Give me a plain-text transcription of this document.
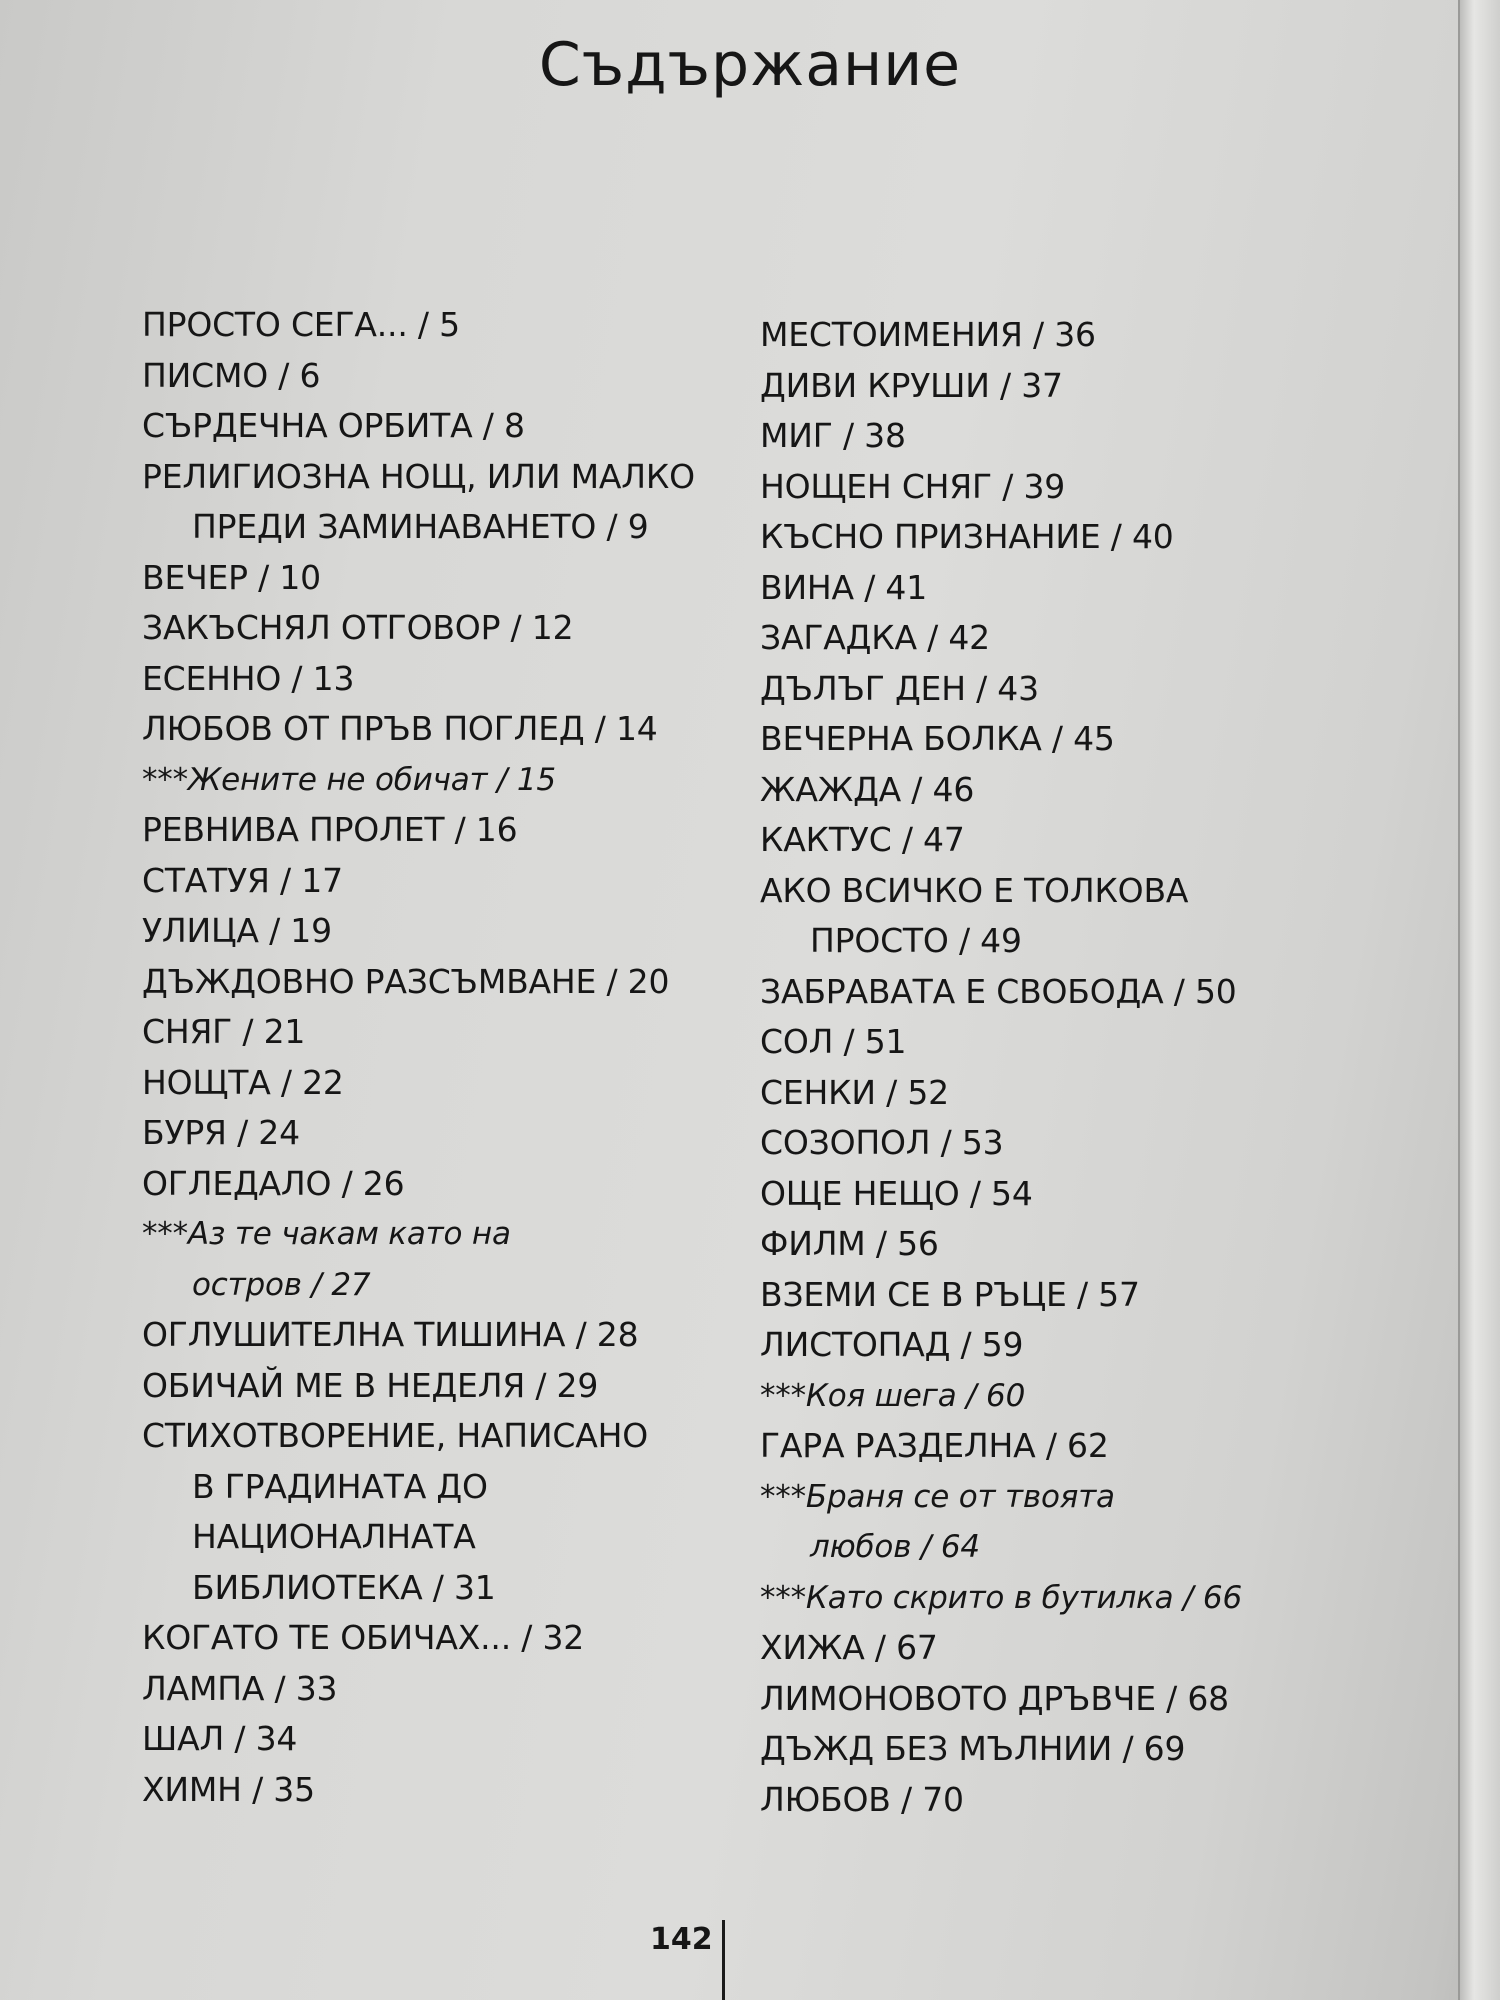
Съдържание
ПРОСТО СЕГА... / 5
ПИСМО / 6
СЪРДЕЧНА ОРБИТА / 8
РЕЛИГИОЗНА НОЩ, ИЛИ МАЛКО
ПРЕДИ ЗАМИНАВАНЕТО / 9
ВЕЧЕР / 10
ЗАКЪСНЯЛ ОТГОВОР / 12
ЕСЕННО / 13
ЛЮБОВ ОТ ПРЪВ ПОГЛЕД / 14
***Жените не обичат / 15
РЕВНИВА ПРОЛЕТ / 16
СТАТУЯ / 17
УЛИЦА / 19
ДЪЖДОВНО РАЗСЪМВАНЕ / 20
СНЯГ / 21
НОЩТА / 22
БУРЯ / 24
ОГЛЕДАЛО / 26
***Аз те чакам като на
остров / 27
ОГЛУШИТЕЛНА ТИШИНА / 28
ОБИЧАЙ МЕ В НЕДЕЛЯ / 29
СТИХОТВОРЕНИЕ, НАПИСАНО
В ГРАДИНАТА ДО
НАЦИОНАЛНАТА
БИБЛИОТЕКА / 31
КОГАТО ТЕ ОБИЧАХ... / 32
ЛАМПА / 33
ШАЛ / 34
ХИМН / 35
МЕСТОИМЕНИЯ / 36
ДИВИ КРУШИ / 37
МИГ / 38
НОЩЕН СНЯГ / 39
КЪСНО ПРИЗНАНИЕ / 40
ВИНА / 41
ЗАГАДКА / 42
ДЪЛЪГ ДЕН / 43
ВЕЧЕРНА БОЛКА / 45
ЖАЖДА / 46
КАКТУС / 47
АКО ВСИЧКО Е ТОЛКОВА
ПРОСТО / 49
ЗАБРАВАТА Е СВОБОДА / 50
СОЛ / 51
СЕНКИ / 52
СОЗОПОЛ / 53
ОЩЕ НЕЩО / 54
ФИЛМ / 56
ВЗЕМИ СЕ В РЪЦЕ / 57
ЛИСТОПАД / 59
***Коя шега / 60
ГАРА РАЗДЕЛНА / 62
***Браня се от твоята
любов / 64
***Като скрито в бутилка / 66
ХИЖА / 67
ЛИМОНОВОТО ДРЪВЧЕ / 68
ДЪЖД БЕЗ МЪЛНИИ / 69
ЛЮБОВ / 70
142
